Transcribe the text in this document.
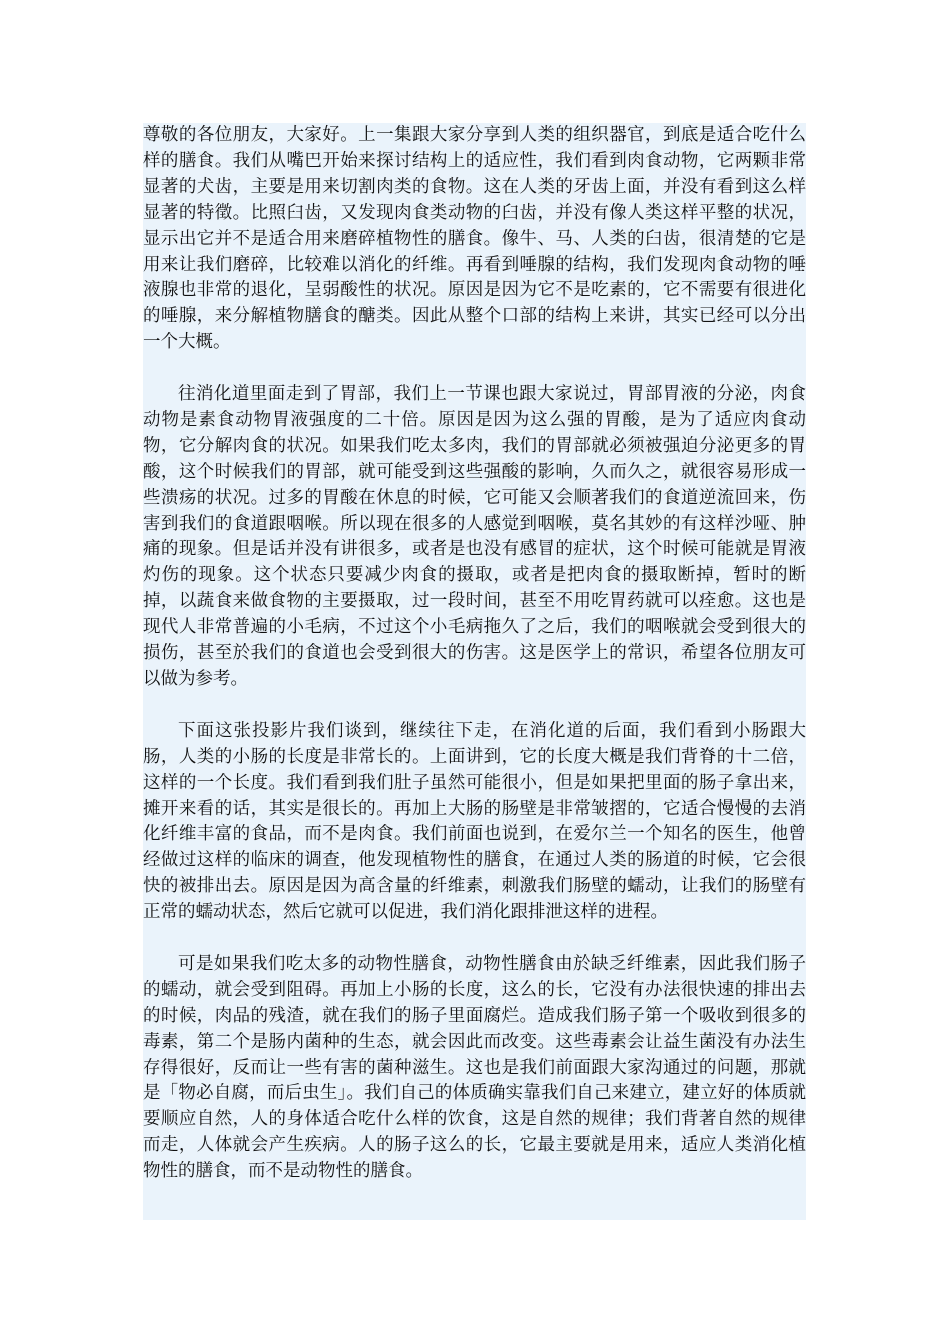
尊敬的各位朋友，大家好。上一集跟大家分享到人类的组织器官，到底是适合吃什么样的膳食。我们从嘴巴开始来探讨结构上的适应性，我们看到肉食动物，它两颗非常显著的犬齿，主要是用来切割肉类的食物。这在人类的牙齿上面，并没有看到这么样显著的特徵。比照臼齿，又发现肉食类动物的臼齿，并没有像人类这样平整的状况，显示出它并不是适合用来磨碎植物性的膳食。像牛、马、人类的臼齿，很清楚的它是用来让我们磨碎，比较难以消化的纤维。再看到唾腺的结构，我们发现肉食动物的唾液腺也非常的退化，呈弱酸性的状况。原因是因为它不是吃素的，它不需要有很进化的唾腺，来分解植物膳食的醣类。因此从整个口部的结构上来讲，其实已经可以分出一个大概。

往消化道里面走到了胃部，我们上一节课也跟大家说过，胃部胃液的分泌，肉食动物是素食动物胃液强度的二十倍。原因是因为这么强的胃酸，是为了适应肉食动物，它分解肉食的状况。如果我们吃太多肉，我们的胃部就必须被强迫分泌更多的胃酸，这个时候我们的胃部，就可能受到这些强酸的影响，久而久之，就很容易形成一些溃疡的状况。过多的胃酸在休息的时候，它可能又会顺著我们的食道逆流回来，伤害到我们的食道跟咽喉。所以现在很多的人感觉到咽喉，莫名其妙的有这样沙哑、肿痛的现象。但是话并没有讲很多，或者是也没有感冒的症状，这个时候可能就是胃液灼伤的现象。这个状态只要减少肉食的摄取，或者是把肉食的摄取断掉，暂时的断掉，以蔬食来做食物的主要摄取，过一段时间，甚至不用吃胃药就可以痊愈。这也是现代人非常普遍的小毛病，不过这个小毛病拖久了之后，我们的咽喉就会受到很大的损伤，甚至於我们的食道也会受到很大的伤害。这是医学上的常识，希望各位朋友可以做为参考。

下面这张投影片我们谈到，继续往下走，在消化道的后面，我们看到小肠跟大肠，人类的小肠的长度是非常长的。上面讲到，它的长度大概是我们背脊的十二倍，这样的一个长度。我们看到我们肚子虽然可能很小，但是如果把里面的肠子拿出来，摊开来看的话，其实是很长的。再加上大肠的肠壁是非常皱摺的，它适合慢慢的去消化纤维丰富的食品，而不是肉食。我们前面也说到，在爱尔兰一个知名的医生，他曾经做过这样的临床的调查，他发现植物性的膳食，在通过人类的肠道的时候，它会很快的被排出去。原因是因为高含量的纤维素，刺激我们肠壁的蠕动，让我们的肠壁有正常的蠕动状态，然后它就可以促进，我们消化跟排泄这样的进程。

可是如果我们吃太多的动物性膳食，动物性膳食由於缺乏纤维素，因此我们肠子的蠕动，就会受到阻碍。再加上小肠的长度，这么的长，它没有办法很快速的排出去的时候，肉品的残渣，就在我们的肠子里面腐烂。造成我们肠子第一个吸收到很多的毒素，第二个是肠内菌种的生态，就会因此而改变。这些毒素会让益生菌没有办法生存得很好，反而让一些有害的菌种滋生。这也是我们前面跟大家沟通过的问题，那就是「物必自腐，而后虫生」。我们自己的体质确实靠我们自己来建立，建立好的体质就要顺应自然，人的身体适合吃什么样的饮食，这是自然的规律；我们背著自然的规律而走，人体就会产生疾病。人的肠子这么的长，它最主要就是用来，适应人类消化植物性的膳食，而不是动物性的膳食。
